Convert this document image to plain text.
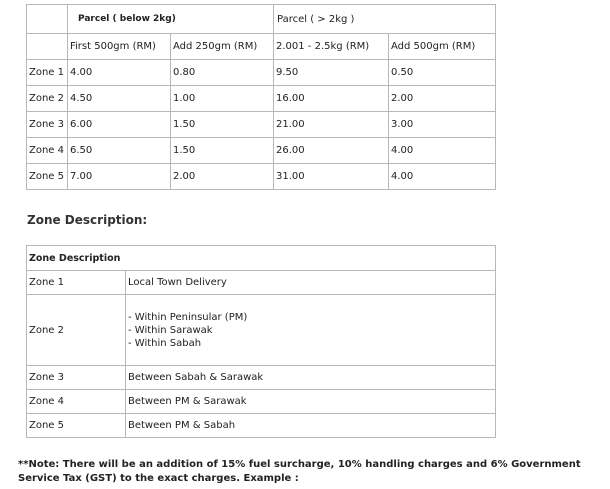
	Parcel ( below 2kg)		Parcel ( > 2kg )	
	First 500gm (RM)	Add 250gm (RM)	2.001 - 2.5kg (RM)	Add 500gm (RM)
Zone 1	4.00	0.80	9.50	0.50
Zone 2	4.50	1.00	16.00	2.00
Zone 3	6.00	1.50	21.00	3.00
Zone 4	6.50	1.50	26.00	4.00
Zone 5	7.00	2.00	31.00	4.00
Zone Description:
Zone Description	
Zone 1	Local Town Delivery

Zone 2	- Within Peninsular (PM)
- Within Sarawak
- Within Sabah

Zone 3	Between Sabah & Sarawak

Zone 4	Between PM & Sarawak

Zone 5	Between PM & Sabah

**Note: There will be an addition of 15% fuel surcharge, 10% handling charges and 6% Government Service Tax (GST) to the exact charges. Example :
